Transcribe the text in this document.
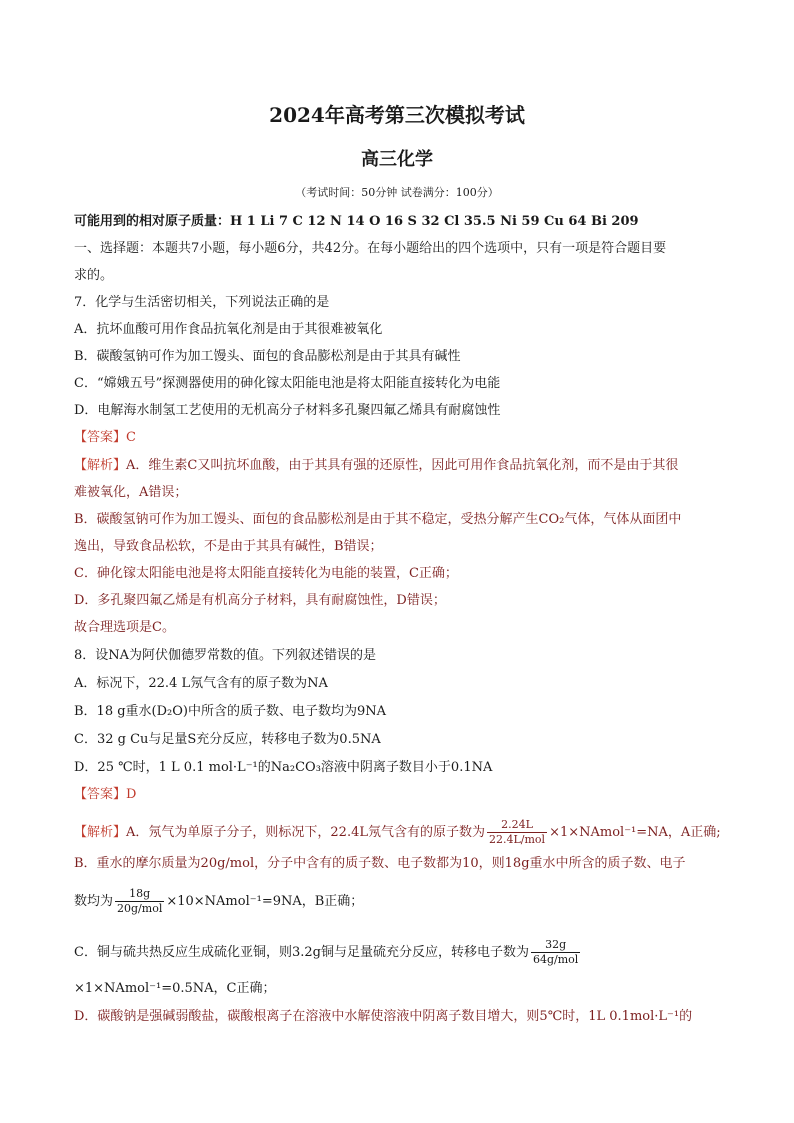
2024年高考第三次模拟考试
高三化学
（考试时间：50分钟 试卷满分：100分）
可能用到的相对原子质量：H 1 Li 7 C 12 N 14 O 16 S 32 Cl 35.5 Ni 59 Cu 64 Bi 209
一、选择题：本题共7小题，每小题6分，共42分。在每小题给出的四个选项中，只有一项是符合题目要
求的。
7．化学与生活密切相关，下列说法正确的是
A．抗坏血酸可用作食品抗氧化剂是由于其很难被氧化
B．碳酸氢钠可作为加工馒头、面包的食品膨松剂是由于其具有碱性
C．“嫦娥五号”探测器使用的砷化镓太阳能电池是将太阳能直接转化为电能
D．电解海水制氢工艺使用的无机高分子材料多孔聚四氟乙烯具有耐腐蚀性
【答案】C
【解析】A．维生素C又叫抗坏血酸，由于其具有强的还原性，因此可用作食品抗氧化剂，而不是由于其很
难被氧化，A错误；
B．碳酸氢钠可作为加工馒头、面包的食品膨松剂是由于其不稳定，受热分解产生CO₂气体，气体从面团中
逸出，导致食品松软，不是由于其具有碱性，B错误；
C．砷化镓太阳能电池是将太阳能直接转化为电能的装置，C正确；
D．多孔聚四氟乙烯是有机高分子材料，具有耐腐蚀性，D错误；
故合理选项是C。
8．设NA为阿伏伽德罗常数的值。下列叙述错误的是
A．标况下，22.4 L氖气含有的原子数为NA
B．18 g重水(D₂O)中所含的质子数、电子数均为9NA
C．32 g Cu与足量S充分反应，转移电子数为0.5NA
D．25 ℃时，1 L 0.1 mol·L⁻¹的Na₂CO₃溶液中阴离子数目小于0.1NA
【答案】D
【解析】A．氖气为单原子分子，则标况下，22.4L氖气含有的原子数为 $\frac{2.24L}{\text{22.4L/mol}}$ ×1×NAmol⁻¹=NA，A正确;
B．重水的摩尔质量为20g/mol，分子中含有的质子数、电子数都为10，则18g重水中所含的质子数、电子
数均为 $\frac{18g}{\text{20g/mol}}$ ×10×NAmol⁻¹=9NA，B正确；
C．铜与硫共热反应生成硫化亚铜，则3.2g铜与足量硫充分反应，转移电子数为 $\frac{32g}{\text{64g/mol}}$
×1×NAmol⁻¹=0.5NA，C正确；
D．碳酸钠是强碱弱酸盐，碳酸根离子在溶液中水解使溶液中阴离子数目增大，则5℃时，1L 0.1mol·L⁻¹的
